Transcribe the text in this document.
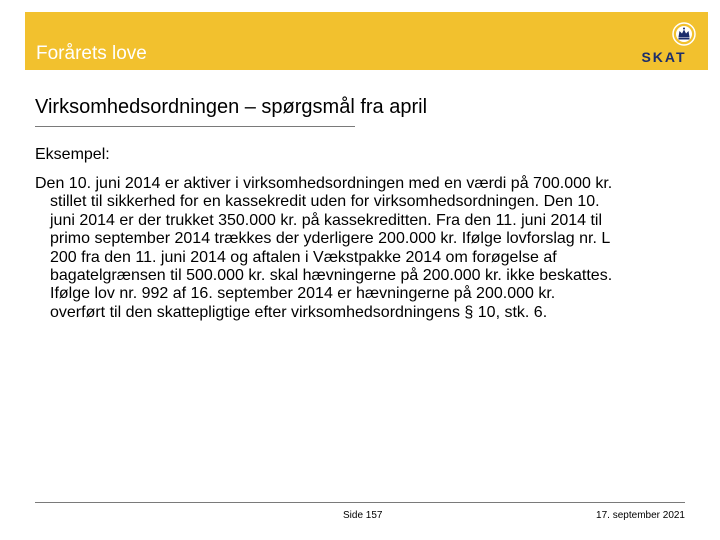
Forårets love	SKAT
Virksomhedsordningen – spørgsmål fra april
Eksempel:
Den 10. juni 2014 er aktiver i virksomhedsordningen med en værdi på 700.000 kr.
stillet til sikkerhed for en kassekredit uden for virksomhedsordningen. Den 10.
juni 2014 er der trukket 350.000 kr. på kassekreditten. Fra den 11. juni 2014 til
primo september 2014 trækkes der yderligere 200.000 kr. Ifølge lovforslag nr. L
200 fra den 11. juni 2014 og aftalen i Vækstpakke 2014 om forøgelse af
bagatelgrænsen til 500.000 kr. skal hævningerne på 200.000 kr. ikke beskattes.
Ifølge lov nr. 992 af 16. september 2014 er hævningerne på 200.000 kr.
overført til den skattepligtige efter virksomhedsordningens § 10, stk. 6.
Side 157	17. september 2021
